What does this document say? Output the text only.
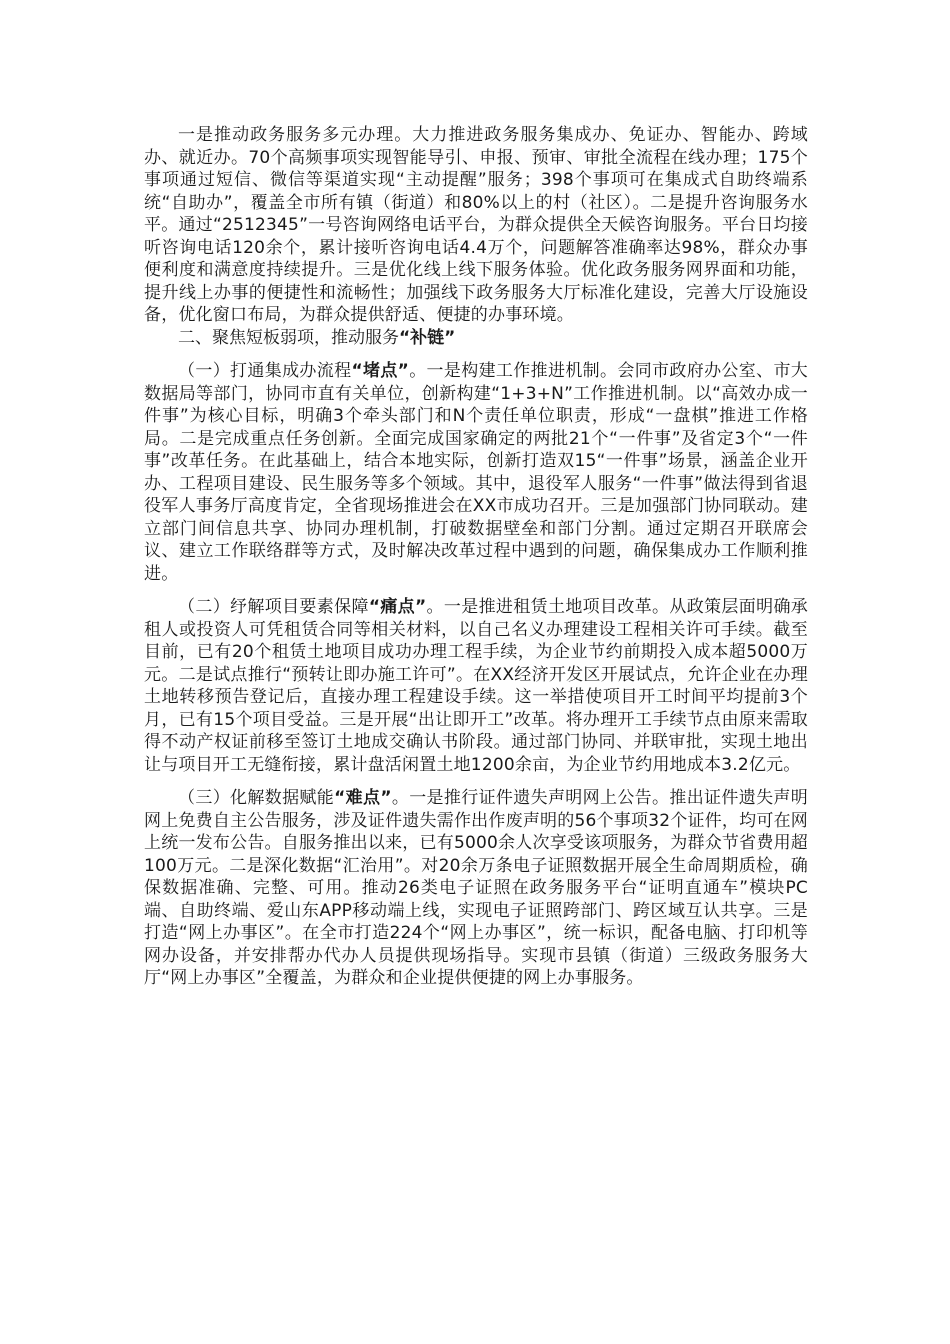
一是推动政务服务多元办理。大力推进政务服务集成办、免证办、智能办、跨域办、就近办。70个高频事项实现智能导引、申报、预审、审批全流程在线办理；175个事项通过短信、微信等渠道实现“主动提醒”服务；398个事项可在集成式自助终端系统“自助办”，覆盖全市所有镇（街道）和80%以上的村（社区）。二是提升咨询服务水平。通过“2512345”一号咨询网络电话平台，为群众提供全天候咨询服务。平台日均接听咨询电话120余个，累计接听咨询电话4.4万个，问题解答准确率达98%，群众办事便利度和满意度持续提升。三是优化线上线下服务体验。优化政务服务网界面和功能，提升线上办事的便捷性和流畅性；加强线下政务服务大厅标准化建设，完善大厅设施设备，优化窗口布局，为群众提供舒适、便捷的办事环境。

二、聚焦短板弱项，推动服务“补链”

（一）打通集成办流程“堵点”。一是构建工作推进机制。会同市政府办公室、市大数据局等部门，协同市直有关单位，创新构建“1+3+N”工作推进机制。以“高效办成一件事”为核心目标，明确3个牵头部门和N个责任单位职责，形成“一盘棋”推进工作格局。二是完成重点任务创新。全面完成国家确定的两批21个“一件事”及省定3个“一件事”改革任务。在此基础上，结合本地实际，创新打造双15“一件事”场景，涵盖企业开办、工程项目建设、民生服务等多个领域。其中，退役军人服务“一件事”做法得到省退役军人事务厅高度肯定，全省现场推进会在XX市成功召开。三是加强部门协同联动。建立部门间信息共享、协同办理机制，打破数据壁垒和部门分割。通过定期召开联席会议、建立工作联络群等方式，及时解决改革过程中遇到的问题，确保集成办工作顺利推进。

（二）纾解项目要素保障“痛点”。一是推进租赁土地项目改革。从政策层面明确承租人或投资人可凭租赁合同等相关材料，以自己名义办理建设工程相关许可手续。截至目前，已有20个租赁土地项目成功办理工程手续，为企业节约前期投入成本超5000万元。二是试点推行“预转让即办施工许可”。在XX经济开发区开展试点，允许企业在办理土地转移预告登记后，直接办理工程建设手续。这一举措使项目开工时间平均提前3个月，已有15个项目受益。三是开展“出让即开工”改革。将办理开工手续节点由原来需取得不动产权证前移至签订土地成交确认书阶段。通过部门协同、并联审批，实现土地出让与项目开工无缝衔接，累计盘活闲置土地1200余亩，为企业节约用地成本3.2亿元。

（三）化解数据赋能“难点”。一是推行证件遗失声明网上公告。推出证件遗失声明网上免费自主公告服务，涉及证件遗失需作出作废声明的56个事项32个证件，均可在网上统一发布公告。自服务推出以来，已有5000余人次享受该项服务，为群众节省费用超100万元。二是深化数据“汇治用”。对20余万条电子证照数据开展全生命周期质检，确保数据准确、完整、可用。推动26类电子证照在政务服务平台“证明直通车”模块PC端、自助终端、爱山东APP移动端上线，实现电子证照跨部门、跨区域互认共享。三是打造“网上办事区”。在全市打造224个“网上办事区”，统一标识，配备电脑、打印机等网办设备，并安排帮办代办人员提供现场指导。实现市县镇（街道）三级政务服务大厅“网上办事区”全覆盖，为群众和企业提供便捷的网上办事服务。
